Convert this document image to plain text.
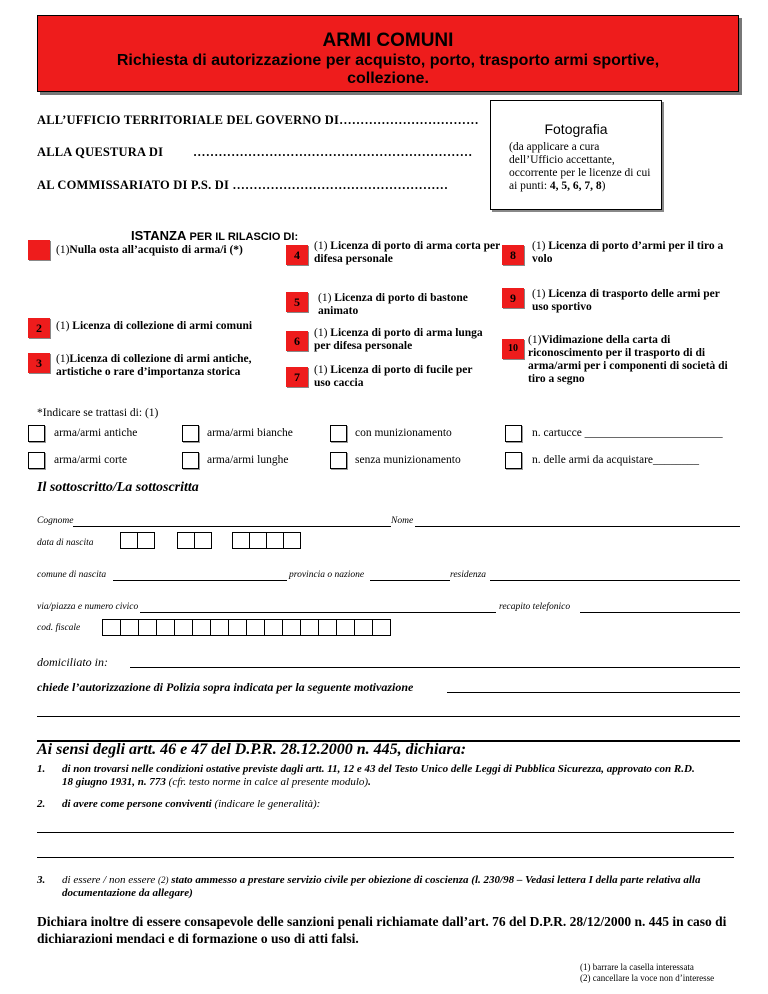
ARMI COMUNI
Richiesta di autorizzazione per acquisto, porto, trasporto armi sportive, collezione.
ALL’UFFICIO TERRITORIALE DEL GOVERNO DI……………………………
ALLA QUESTURA DI …………………………………………………………
AL COMMISSARIATO DI P.S. DI ……………………………………………
Fotografia
(da applicare a cura dell’Ufficio accettante, occorrente per le licenze di cui ai punti: 4, 5, 6, 7, 8)
ISTANZA PER IL RILASCIO DI:
(1)Nulla osta all’acquisto di arma/i (*)
2	(1) Licenza di collezione di armi comuni
3	(1)Licenza di collezione di armi antiche, artistiche o rare d’importanza storica
4
(1) Licenza di porto di arma corta per difesa personale
5	(1) Licenza di porto di bastone animato
6
(1) Licenza di porto di arma lunga per difesa personale
7	(1) Licenza di porto di fucile per uso caccia
8
(1) Licenza di porto d’armi per il tiro a volo
9	(1) Licenza di trasporto delle armi per uso sportivo
10
(1)Vidimazione della carta di riconoscimento per il trasporto di di arma/armi per i componenti di società di tiro a segno
*Indicare se trattasi di: (1)
arma/armi antiche	arma/armi bianche	con munizionamento	n. cartucce ________________________
arma/armi corte	arma/armi lunghe	senza munizionamento	n. delle armi da acquistare________
Il sottoscritto/La sottoscritta
Cognome	Nome
data di nascita
comune di nascita	provincia o nazione	residenza
via/piazza e numero civico	recapito telefonico
cod. fiscale
domiciliato in:
chiede l’autorizzazione di Polizia sopra indicata per la seguente motivazione
Ai sensi degli artt. 46 e 47 del D.P.R. 28.12.2000 n. 445, dichiara:
1. di non trovarsi nelle condizioni ostative previste dagli artt. 11, 12 e 43 del Testo Unico delle Leggi di Pubblica Sicurezza, approvato con R.D. 18 giugno 1931, n. 773 (cfr. testo norme in calce al presente modulo).
2. di avere come persone conviventi (indicare le generalità):
3. di essere / non essere (2) stato ammesso a prestare servizio civile per obiezione di coscienza (l. 230/98 – Vedasi lettera I della parte relativa alla documentazione da allegare)
Dichiara inoltre di essere consapevole delle sanzioni penali richiamate dall’art. 76 del D.P.R. 28/12/2000 n. 445 in caso di dichiarazioni mendaci e di formazione o uso di atti falsi.
(1) barrare la casella interessata
(2) cancellare la voce non d’interesse
